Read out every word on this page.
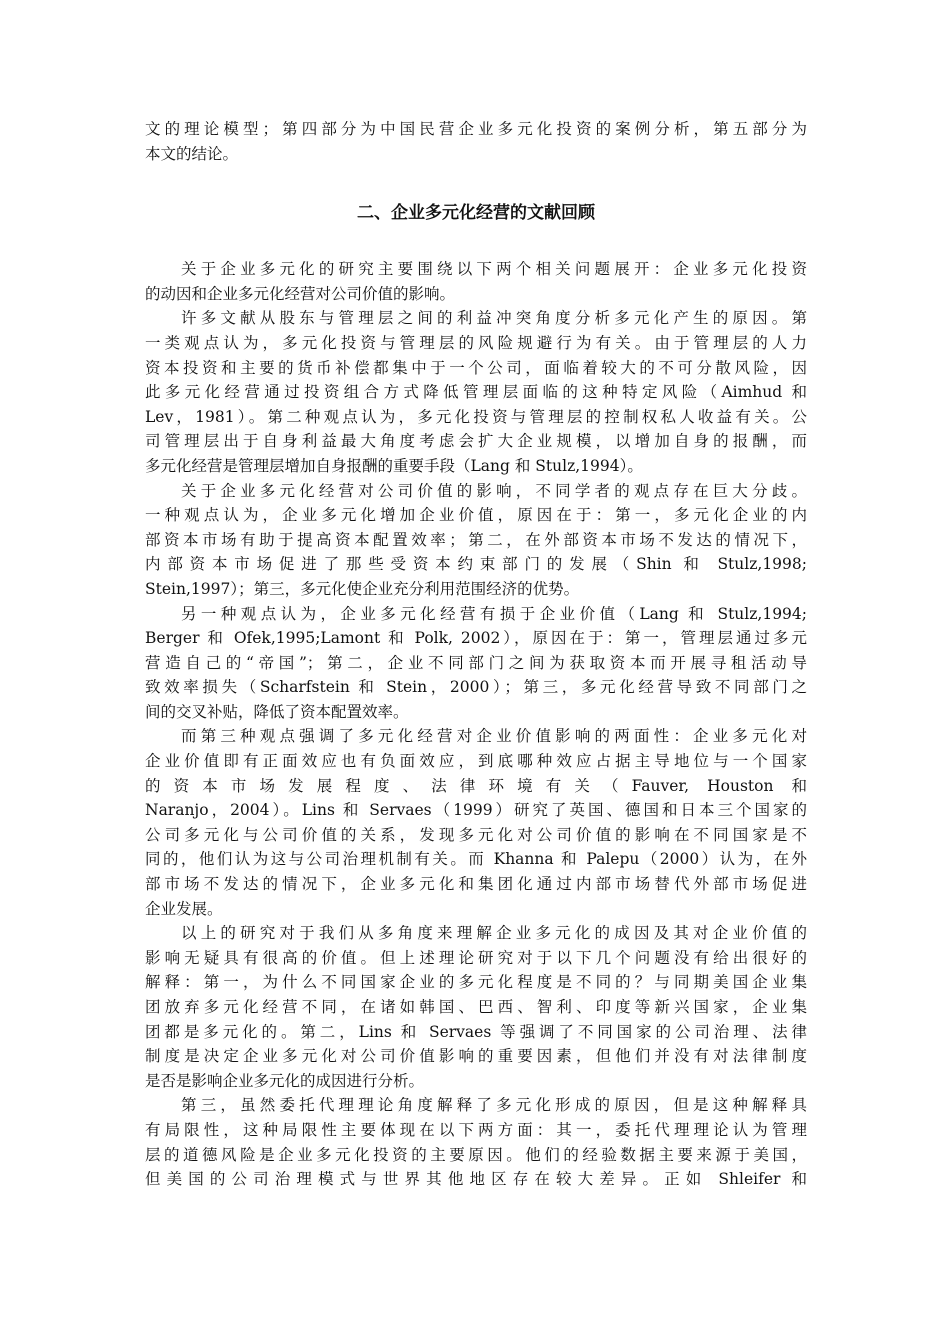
文的理论模型；第四部分为中国民营企业多元化投资的案例分析，第五部分为
本文的结论。
二、企业多元化经营的文献回顾
关于企业多元化的研究主要围绕以下两个相关问题展开：企业多元化投资
的动因和企业多元化经营对公司价值的影响。
许多文献从股东与管理层之间的利益冲突角度分析多元化产生的原因。第
一类观点认为，多元化投资与管理层的风险规避行为有关。由于管理层的人力
资本投资和主要的货币补偿都集中于一个公司，面临着较大的不可分散风险，因
此多元化经营通过投资组合方式降低管理层面临的这种特定风险（Aimhud 和
Lev，1981）。第二种观点认为，多元化投资与管理层的控制权私人收益有关。公
司管理层出于自身利益最大角度考虑会扩大企业规模，以增加自身的报酬，而
多元化经营是管理层增加自身报酬的重要手段（Lang 和 Stulz,1994）。
关于企业多元化经营对公司价值的影响，不同学者的观点存在巨大分歧。
一种观点认为，企业多元化增加企业价值，原因在于：第一，多元化企业的内
部资本市场有助于提高资本配置效率；第二，在外部资本市场不发达的情况下，
内部资本市场促进了那些受资本约束部门的发展（Shin 和 Stulz,1998;
Stein,1997）；第三，多元化使企业充分利用范围经济的优势。
另一种观点认为，企业多元化经营有损于企业价值（Lang 和 Stulz,1994;
Berger 和 Ofek,1995;Lamont 和 Polk, 2002），原因在于：第一，管理层通过多元
营造自己的“帝国”；第二，企业不同部门之间为获取资本而开展寻租活动导
致效率损失（Scharfstein 和 Stein，2000）；第三，多元化经营导致不同部门之
间的交叉补贴，降低了资本配置效率。
而第三种观点强调了多元化经营对企业价值影响的两面性：企业多元化对
企业价值即有正面效应也有负面效应，到底哪种效应占据主导地位与一个国家
的资本市场发展程度、法律环境有关（Fauver, Houston 和
Naranjo，2004）。Lins 和 Servaes（1999）研究了英国、德国和日本三个国家的
公司多元化与公司价值的关系，发现多元化对公司价值的影响在不同国家是不
同的，他们认为这与公司治理机制有关。而 Khanna 和 Palepu（2000）认为，在外
部市场不发达的情况下，企业多元化和集团化通过内部市场替代外部市场促进
企业发展。
以上的研究对于我们从多角度来理解企业多元化的成因及其对企业价值的
影响无疑具有很高的价值。但上述理论研究对于以下几个问题没有给出很好的
解释：第一，为什么不同国家企业的多元化程度是不同的？与同期美国企业集
团放弃多元化经营不同，在诸如韩国、巴西、智利、印度等新兴国家，企业集
团都是多元化的。第二，Lins 和 Servaes 等强调了不同国家的公司治理、法律
制度是决定企业多元化对公司价值影响的重要因素，但他们并没有对法律制度
是否是影响企业多元化的成因进行分析。
第三，虽然委托代理理论角度解释了多元化形成的原因，但是这种解释具
有局限性，这种局限性主要体现在以下两方面：其一，委托代理理论认为管理
层的道德风险是企业多元化投资的主要原因。他们的经验数据主要来源于美国，
但美国的公司治理模式与世界其他地区存在较大差异。正如 Shleifer 和
